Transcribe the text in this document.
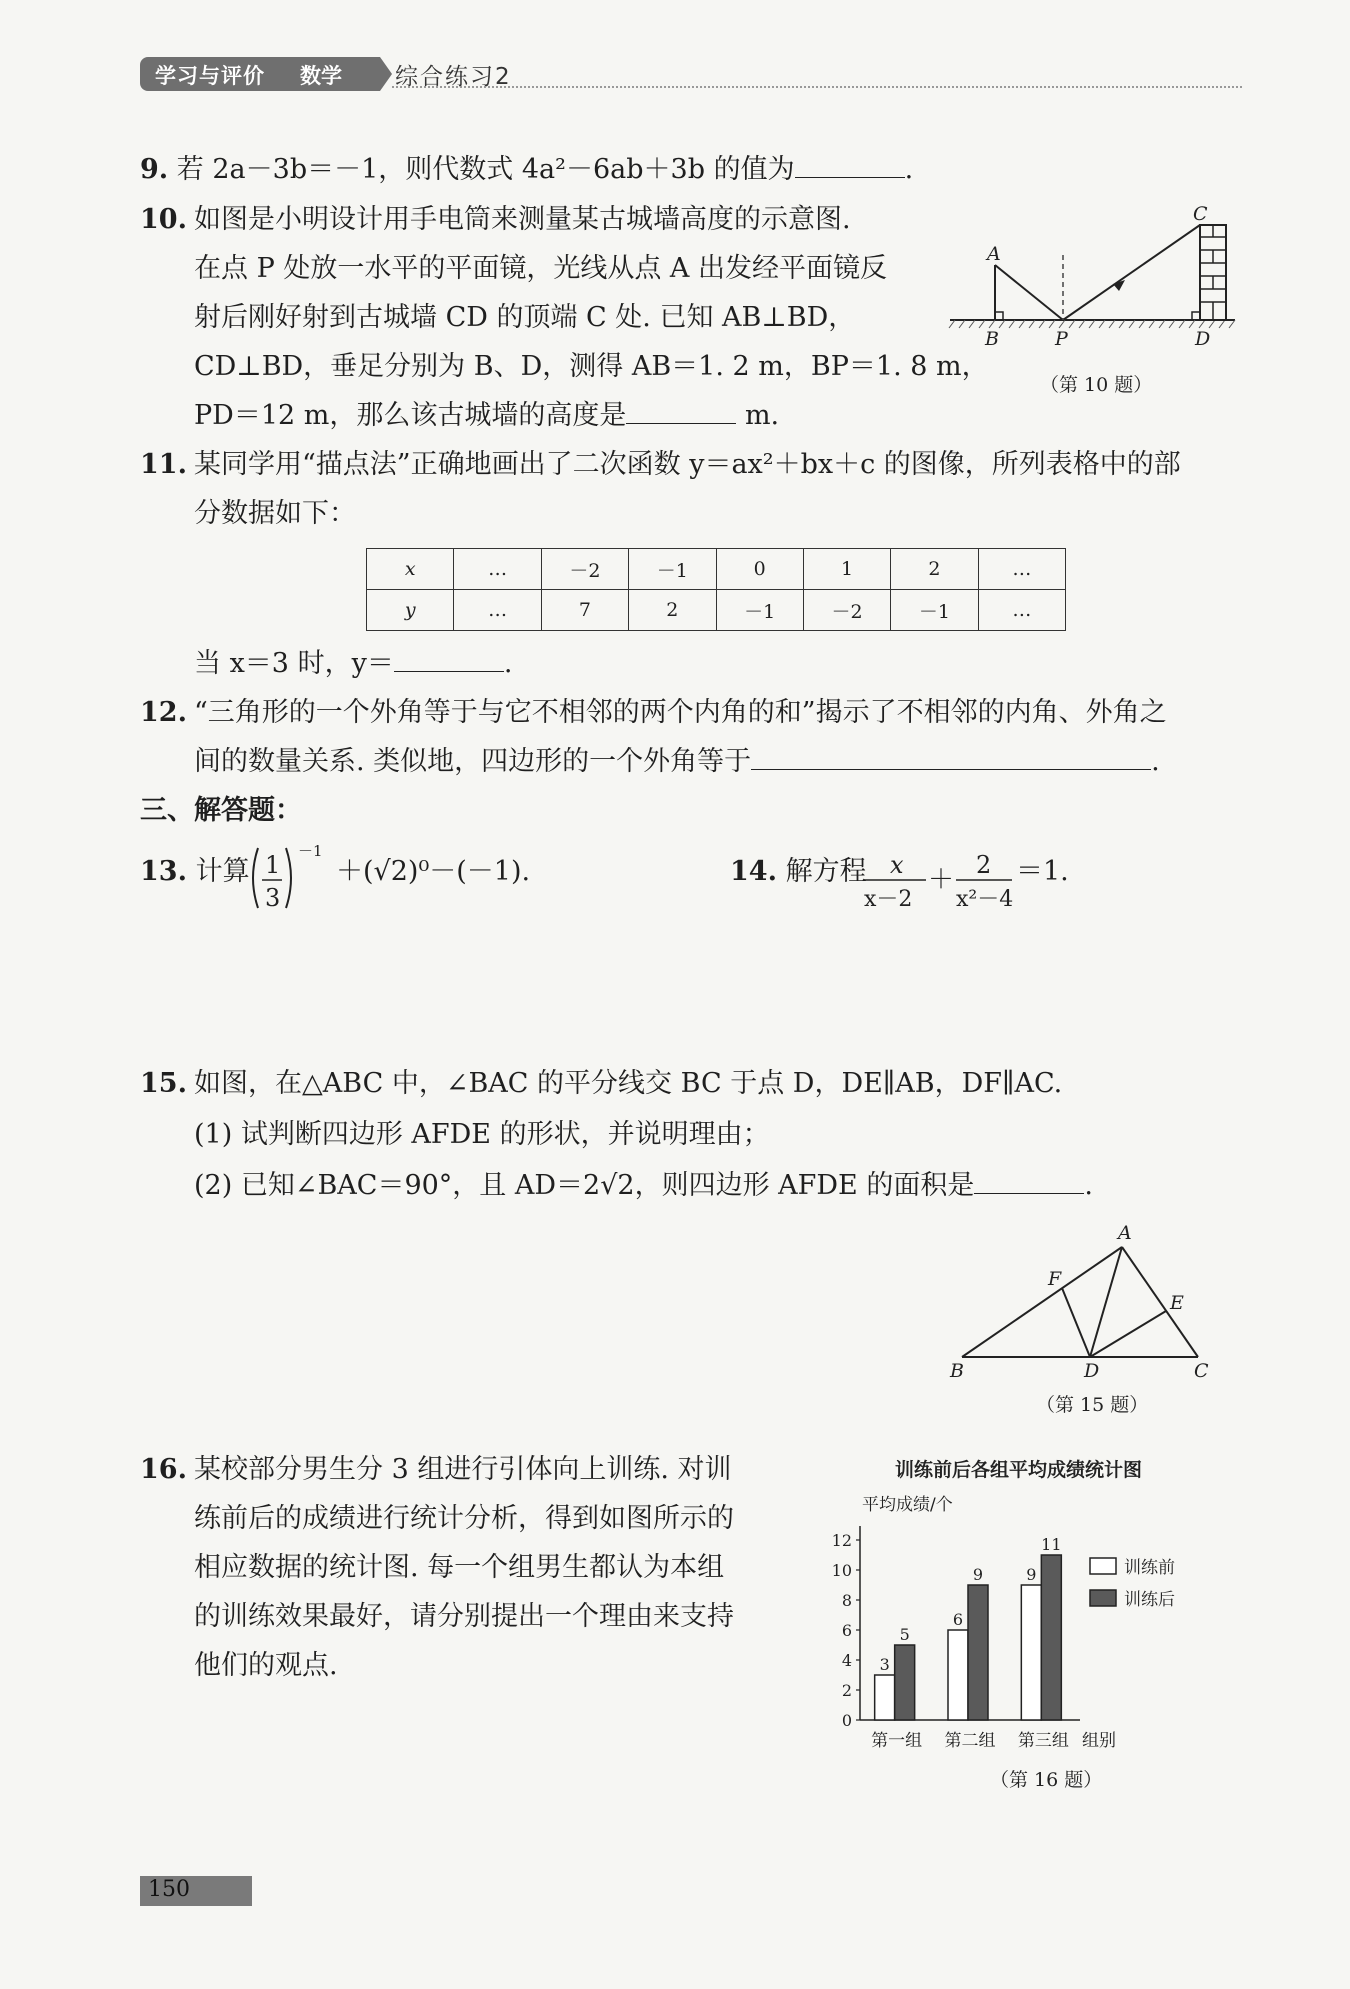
学习与评价 数学 综合练习2
9. 若 2a－3b＝－1，则代数式 4a²－6ab＋3b 的值为	.
10. 如图是小明设计用手电筒来测量某古城墙高度的示意图.
在点 P 处放一水平的平面镜，光线从点 A 出发经平面镜反
射后刚好射到古城墙 CD 的顶端 C 处. 已知 AB⊥BD，
CD⊥BD，垂足分别为 B、D，测得 AB＝1. 2 m，BP＝1. 8 m，
PD＝12 m，那么该古城墙的高度是	m.
A
B	P
C
D
（第 10 题）
11. 某同学用“描点法”正确地画出了二次函数 y＝ax²＋bx＋c 的图像，所列表格中的部
分数据如下：
x	…	－2	－1	0	1	2	…
y	…	7	2	－1	－2	－1	…
当 x＝3 时，y＝	.
12. “三角形的一个外角等于与它不相邻的两个内角的和”揭示了不相邻的内角、外角之
间的数量关系. 类似地，四边形的一个外角等于	.
三、解答题：
13. 计算 1
3
－1
＋(√2)⁰－(－1).	14. 解方程 x
x－2
＋ 2
x²－4
＝1.
15. 如图，在△ABC 中，∠BAC 的平分线交 BC 于点 D，DE∥AB，DF∥AC.
(1) 试判断四边形 AFDE 的形状，并说明理由；
(2) 已知∠BAC＝90°，且 AD＝2√2，则四边形 AFDE 的面积是	.
A
B	C
D
E
F
（第 15 题）
16. 某校部分男生分 3 组进行引体向上训练. 对训
练前后的成绩进行统计分析，得到如图所示的
相应数据的统计图. 每一个组男生都认为本组
的训练效果最好，请分别提出一个理由来支持
他们的观点.
训练前后各组平均成绩统计图
平均成绩/个
0
2
4
6
8
10
12
3
5
第一组
6
9
第二组
9
11
第三组 组别
训练前
训练后
（第 16 题）
150
